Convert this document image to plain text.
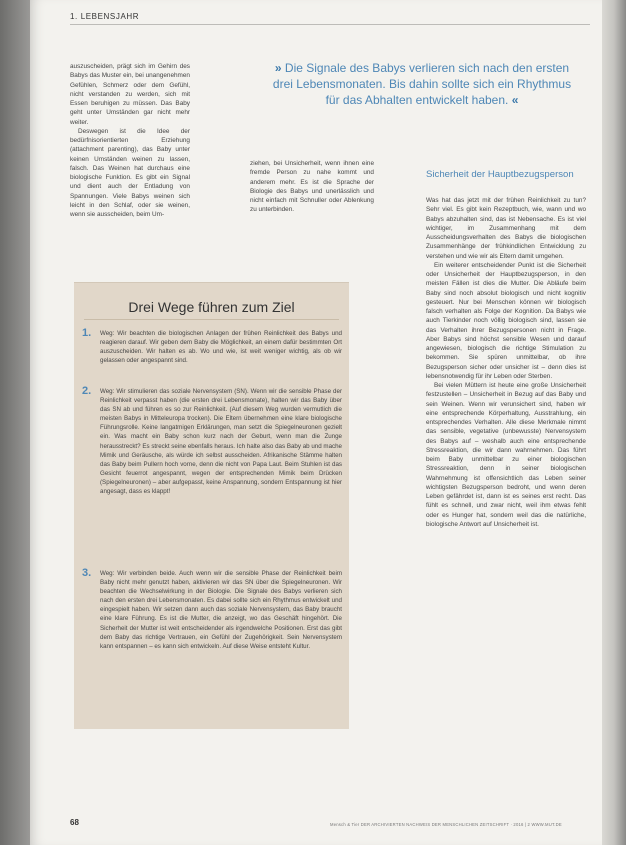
1. LEBENSJAHR

auszuscheiden, prägt sich im Gehirn des Babys das Muster ein, bei unangenehmen Gefühlen, Schmerz oder dem Gefühl, nicht verstanden zu werden, sich mit Essen beruhigen zu müssen. Das Baby geht unter Umständen gar nicht mehr weiter.

Deswegen ist die Idee der bedürfnisorientierten Erziehung (attachment parenting), das Baby unter keinen Umständen weinen zu lassen, falsch. Das Weinen hat durchaus eine biologische Funktion. Es gibt ein Signal und dient auch der Entladung von Spannungen. Viele Babys weinen sich leicht in den Schlaf, oder sie weinen, wenn sie ausscheiden, beim Um-

ziehen, bei Unsicherheit, wenn ihnen eine fremde Person zu nahe kommt und anderem mehr. Es ist die Sprache der Biologie des Babys und unerlässlich und nicht einfach mit Schnuller oder Ablenkung zu unterbinden.
» Die Signale des Babys verlieren sich nach den ersten drei Lebensmonaten. Bis dahin sollte sich ein Rhythmus für das Abhalten entwickelt haben. «
Sicherheit der Hauptbezugsperson

Was hat das jetzt mit der frühen Reinlichkeit zu tun? Sehr viel. Es gibt kein Rezeptbuch, wie, wann und wo Babys abzuhalten sind, das ist Nebensache. Es ist viel wichtiger, im Zusammenhang mit dem Ausscheidungsverhalten des Babys die biologischen Zusammenhänge der frühkindlichen Entwicklung zu verstehen und wie wir als Eltern damit umgehen.

Ein weiterer entscheidender Punkt ist die Sicherheit oder Unsicherheit der Hauptbezugsperson, in den meisten Fällen ist dies die Mutter. Die Abläufe beim Baby sind noch absolut biologisch und nicht kognitiv gesteuert. Nur bei Menschen können wir biologisch falsch verhalten als Folge der Kognition. Da Babys wie auch Tierkinder noch völlig biologisch sind, lassen sie das Verhalten ihrer Bezugspersonen nicht in Frage. Aber Babys sind höchst sensible Wesen und darauf angewiesen, biologisch die richtige Stimulation zu bekommen. Sie spüren unmittelbar, ob ihre Bezugsperson sicher oder unsicher ist – denn dies ist lebensnotwendig für ihr Leben oder Sterben.

Bei vielen Müttern ist heute eine große Unsicherheit festzustellen – Unsicherheit in Bezug auf das Baby und sein Weinen. Wenn wir verunsichert sind, haben wir eine entsprechende Körperhaltung, Ausstrahlung, ein entsprechendes Verhalten. Alle diese Merkmale nimmt das sensible, vegetative (unbewusste) Nervensystem des Babys auf – weshalb auch eine entsprechende Stressreaktion, die wir dann wahrnehmen. Das führt beim Baby unmittelbar zu einer biologischen Stressreaktion, denn in seiner biologischen Wahrnehmung ist offensichtlich das Leben seiner wichtigsten Bezugsperson bedroht, und wenn deren Leben gefährdet ist, dann ist es seines erst recht. Das fühlt es schnell, und zwar nicht, weil ihm etwas fehlt oder es Hunger hat, sondern weil das die natürliche, biologische Antwort auf Unsicherheit ist.

Drei Wege führen zum Ziel
1. Weg: Wir beachten die biologischen Anlagen der frühen Reinlichkeit des Babys und reagieren darauf. Wir geben dem Baby die Möglichkeit, an einem dafür bestimmten Ort auszuscheiden. Wir halten es ab. Wo und wie, ist weit weniger wichtig, als ob wir gelassen oder angespannt sind.
2. Weg: Wir stimulieren das soziale Nervensystem (SN). Wenn wir die sensible Phase der Reinlichkeit verpasst haben (die ersten drei Lebensmonate), halten wir das Baby über das SN ab und führen es so zur Reinlichkeit. (Auf diesem Weg wurden vermutlich die meisten Babys in Mitteleuropa trocken). Die Eltern übernehmen eine klare biologische Führungsrolle. Keine langatmigen Erklärungen, man setzt die Spiegelneuronen gezielt ein. Was macht ein Baby schon kurz nach der Geburt, wenn man die Zunge herausstreckt? Es streckt seine ebenfalls heraus. Ich halte also das Baby ab und mache Mimik und Geräusche, als würde ich selbst ausscheiden. Afrikanische Stämme halten das Baby beim Pullern hoch vorne, denn die nicht von Papa Laut. Beim Stuhlen ist das Gesicht feuerrot angespannt, wegen der entsprechenden Mimik beim Drücken (Spiegelneuronen) – aber aufgepasst, keine Anspannung, sondern Entspannung ist hier angesagt, dass es klappt!
3. Weg: Wir verbinden beide. Auch wenn wir die sensible Phase der Reinlichkeit beim Baby nicht mehr genutzt haben, aktivieren wir das SN über die Spiegelneuronen. Wir beachten die Wechselwirkung in der Biologie. Die Signale des Babys verlieren sich nach den ersten drei Lebensmonaten. Es dabei sollte sich ein Rhythmus entwickelt und eingespielt haben. Wir setzen dann auch das soziale Nervensystem, das Baby braucht eine klare Führung. Es ist die Mutter, die anzeigt, wo das Geschäft hingehört. Die Sicherheit der Mutter ist weit entscheidender als irgendwelche Positionen. Erst das gibt dem Baby das richtige Vertrauen, ein Gefühl der Zugehörigkeit. Sein Nervensystem kann entspannen – es kann sich entwickeln. Auf diese Weise entsteht Kultur.
68	Mensch & Tier DER ARCHIVIERTEN NACHWEIS DER MENSCHLICHEN ZEITSCHRIFT · 2016 | 2 WWW.MUT.DE
